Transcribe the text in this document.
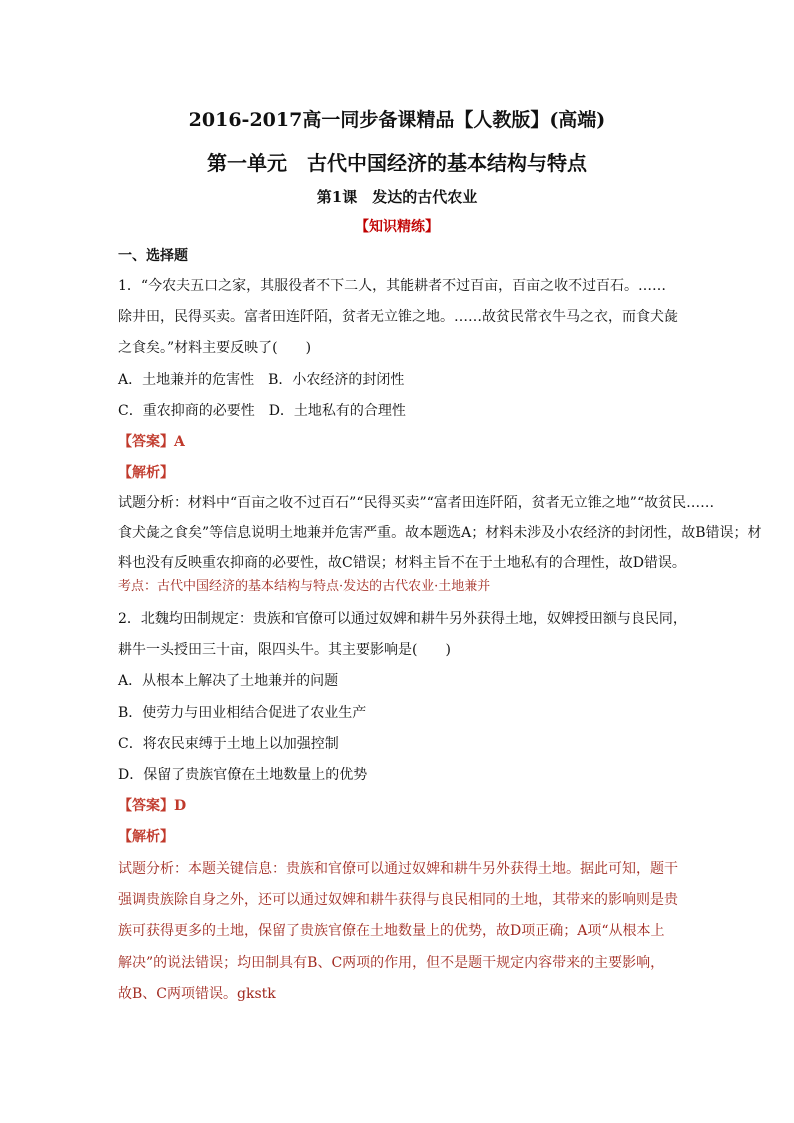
2016-2017高一同步备课精品【人教版】(高端)
第一单元　古代中国经济的基本结构与特点
第1课　发达的古代农业
【知识精练】
一、选择题
1．“今农夫五口之家，其服役者不下二人，其能耕者不过百亩，百亩之收不过百石。……
除井田，民得买卖。富者田连阡陌，贫者无立锥之地。……故贫民常衣牛马之衣，而食犬彘
之食矣。”材料主要反映了(　　)
A．土地兼并的危害性　B．小农经济的封闭性
C．重农抑商的必要性　D．土地私有的合理性
【答案】A
【解析】
试题分析：材料中“百亩之收不过百石”“民得买卖”“富者田连阡陌，贫者无立锥之地”“故贫民……
食犬彘之食矣”等信息说明土地兼并危害严重。故本题选A；材料未涉及小农经济的封闭性，故B错误；材
料也没有反映重农抑商的必要性，故C错误；材料主旨不在于土地私有的合理性，故D错误。
考点：古代中国经济的基本结构与特点·发达的古代农业·土地兼并
2．北魏均田制规定：贵族和官僚可以通过奴婢和耕牛另外获得土地，奴婢授田额与良民同，
耕牛一头授田三十亩，限四头牛。其主要影响是(　　)
A．从根本上解决了土地兼并的问题
B．使劳力与田业相结合促进了农业生产
C．将农民束缚于土地上以加强控制
D．保留了贵族官僚在土地数量上的优势
【答案】D
【解析】
试题分析：本题关键信息：贵族和官僚可以通过奴婢和耕牛另外获得土地。据此可知，题干
强调贵族除自身之外，还可以通过奴婢和耕牛获得与良民相同的土地，其带来的影响则是贵
族可获得更多的土地，保留了贵族官僚在土地数量上的优势，故D项正确；A项“从根本上
解决”的说法错误；均田制具有B、C两项的作用，但不是题干规定内容带来的主要影响，
故B、C两项错误。gkstk
